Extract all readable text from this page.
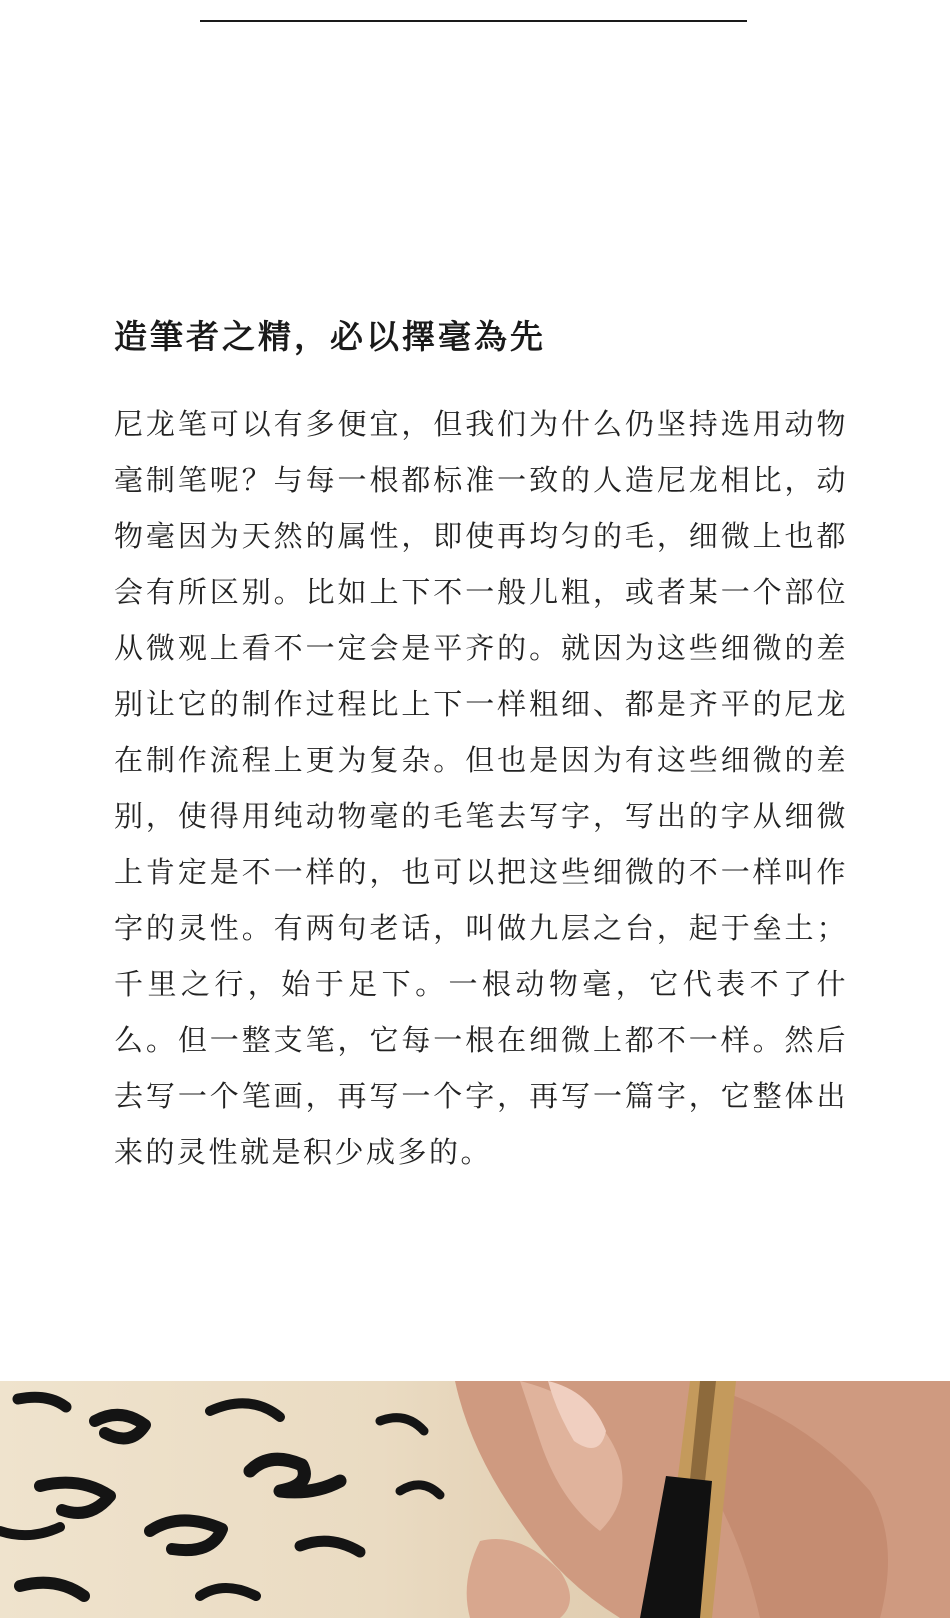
造筆者之精，必以擇毫為先

尼龙笔可以有多便宜，但我们为什么仍坚持选用动物毫制笔呢？与每一根都标准一致的人造尼龙相比，动物毫因为天然的属性，即使再均匀的毛，细微上也都会有所区别。比如上下不一般儿粗，或者某一个部位从微观上看不一定会是平齐的。就因为这些细微的差别让它的制作过程比上下一样粗细、都是齐平的尼龙在制作流程上更为复杂。但也是因为有这些细微的差别，使得用纯动物毫的毛笔去写字，写出的字从细微上肯定是不一样的，也可以把这些细微的不一样叫作字的灵性。有两句老话，叫做九层之台，起于垒土；千里之行，始于足下。一根动物毫，它代表不了什么。但一整支笔，它每一根在细微上都不一样。然后去写一个笔画，再写一个字，再写一篇字，它整体出来的灵性就是积少成多的。
